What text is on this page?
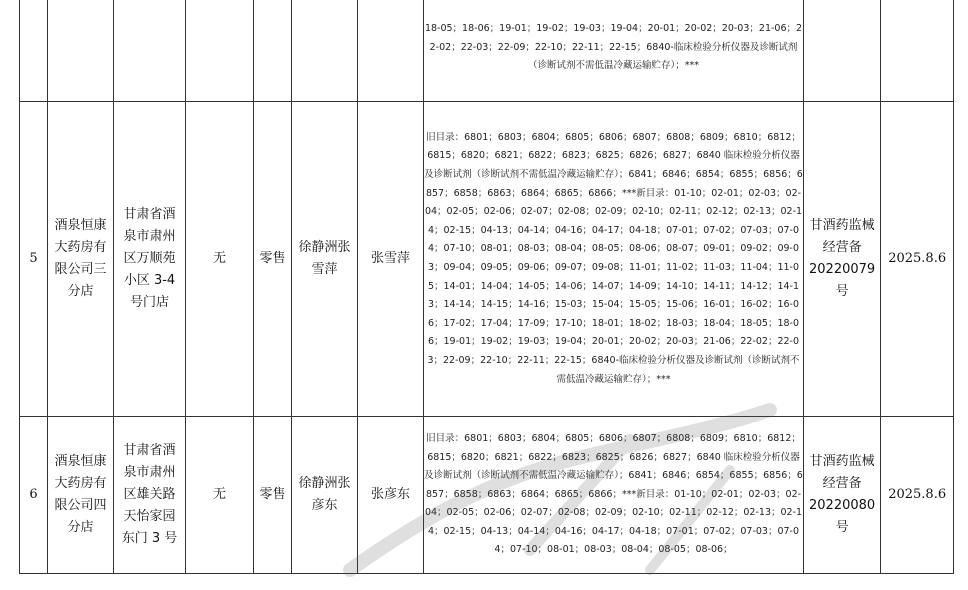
							18-05；18-06；19-01；19-02；19-03；19-04；20-01；20-02；20-03；21-06；22-02；22-03；22-09；22-10；22-11；22-15；6840-临床检验分析仪器及诊断试剂（诊断试剂不需低温冷藏运输贮存）；***		

5	酒泉恒康大药房有限公司三分店	甘肃省酒泉市肃州区万顺苑小区 3-4 号门店	无	零售	徐静洲张雪萍	张雪萍	旧目录：6801；6803；6804；6805；6806；6807；6808；6809；6810；6812；6815；6820；6821；6822；6823；6825；6826；6827；6840 临床检验分析仪器及诊断试剂（诊断试剂不需低温冷藏运输贮存）；6841；6846；6854；6855；6856；6857；6858；6863；6864；6865；6866；***新目录：01-10；02-01；02-03；02-04；02-05；02-06；02-07；02-08；02-09；02-10；02-11；02-12；02-13；02-14；02-15；04-13；04-14；04-16；04-17；04-18；07-01；07-02；07-03；07-04；07-10；08-01；08-03；08-04；08-05；08-06；08-07；09-01；09-02；09-03；09-04；09-05；09-06；09-07；09-08；11-01；11-02；11-03；11-04；11-05；14-01；14-04；14-05；14-06；14-07；14-09；14-10；14-11；14-12；14-13；14-14；14-15；14-16；15-03；15-04；15-05；15-06；16-01；16-02；16-06；17-02；17-04；17-09；17-10；18-01；18-02；18-03；18-04；18-05；18-06；19-01；19-02；19-03；19-04；20-01；20-02；20-03；21-06；22-02；22-03；22-09；22-10；22-11；22-15；6840-临床检验分析仪器及诊断试剂（诊断试剂不需低温冷藏运输贮存）；***	甘酒药监械经营备20220079号	2025.8.6

6	酒泉恒康大药房有限公司四分店	甘肃省酒泉市肃州区雄关路天怡家园东门 3 号	无	零售	徐静洲张彦东	张彦东	旧目录：6801；6803；6804；6805；6806；6807；6808；6809；6810；6812；6815；6820；6821；6822；6823；6825；6826；6827；6840 临床检验分析仪器及诊断试剂（诊断试剂不需低温冷藏运输贮存）；6841；6846；6854；6855；6856；6857；6858；6863；6864；6865；6866；***新目录：01-10；02-01；02-03；02-04；02-05；02-06；02-07；02-08；02-09；02-10；02-11；02-12；02-13；02-14；02-15；04-13；04-14；04-16；04-17；04-18；07-01；07-02；07-03；07-04；07-10；08-01；08-03；08-04；08-05；08-06；	甘酒药监械经营备20220080号	2025.8.6
